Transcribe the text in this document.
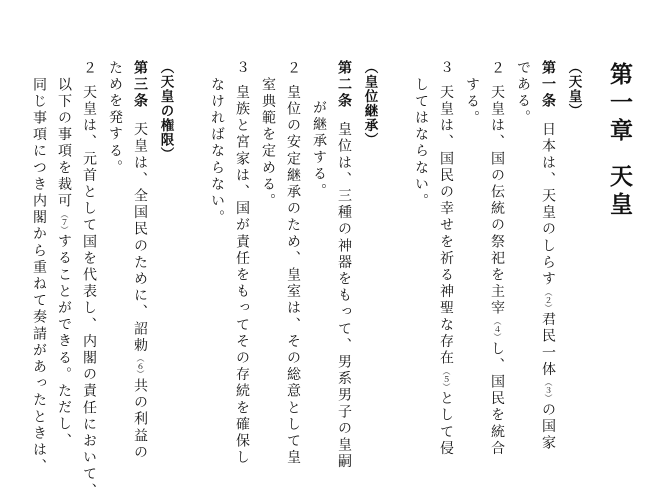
第一章天皇
（天皇）
第一条日本は、天皇のしらす（２）君民一体（３）の国家
である。
２天皇は、国の伝統の祭祀を主宰（４）し、国民を統合
する。
３天皇は、国民の幸せを祈る神聖な存在（５）として侵
してはならない。
（皇位継承）
第二条皇位は、三種の神器をもって、男系男子の皇嗣
が継承する。
２皇位の安定継承のため、皇室は、その総意として皇
室典範を定める。
３皇族と宮家は、国が責任をもってその存続を確保し
なければならない。
（天皇の権限）
第三条天皇は、全国民のために、詔勅（６）共の利益の
ためを発する。
２天皇は、元首として国を代表し、内閣の責任において、
以下の事項を裁可（７）することができる。ただし、
同じ事項につき内閣から重ねて奏請があったときは、
